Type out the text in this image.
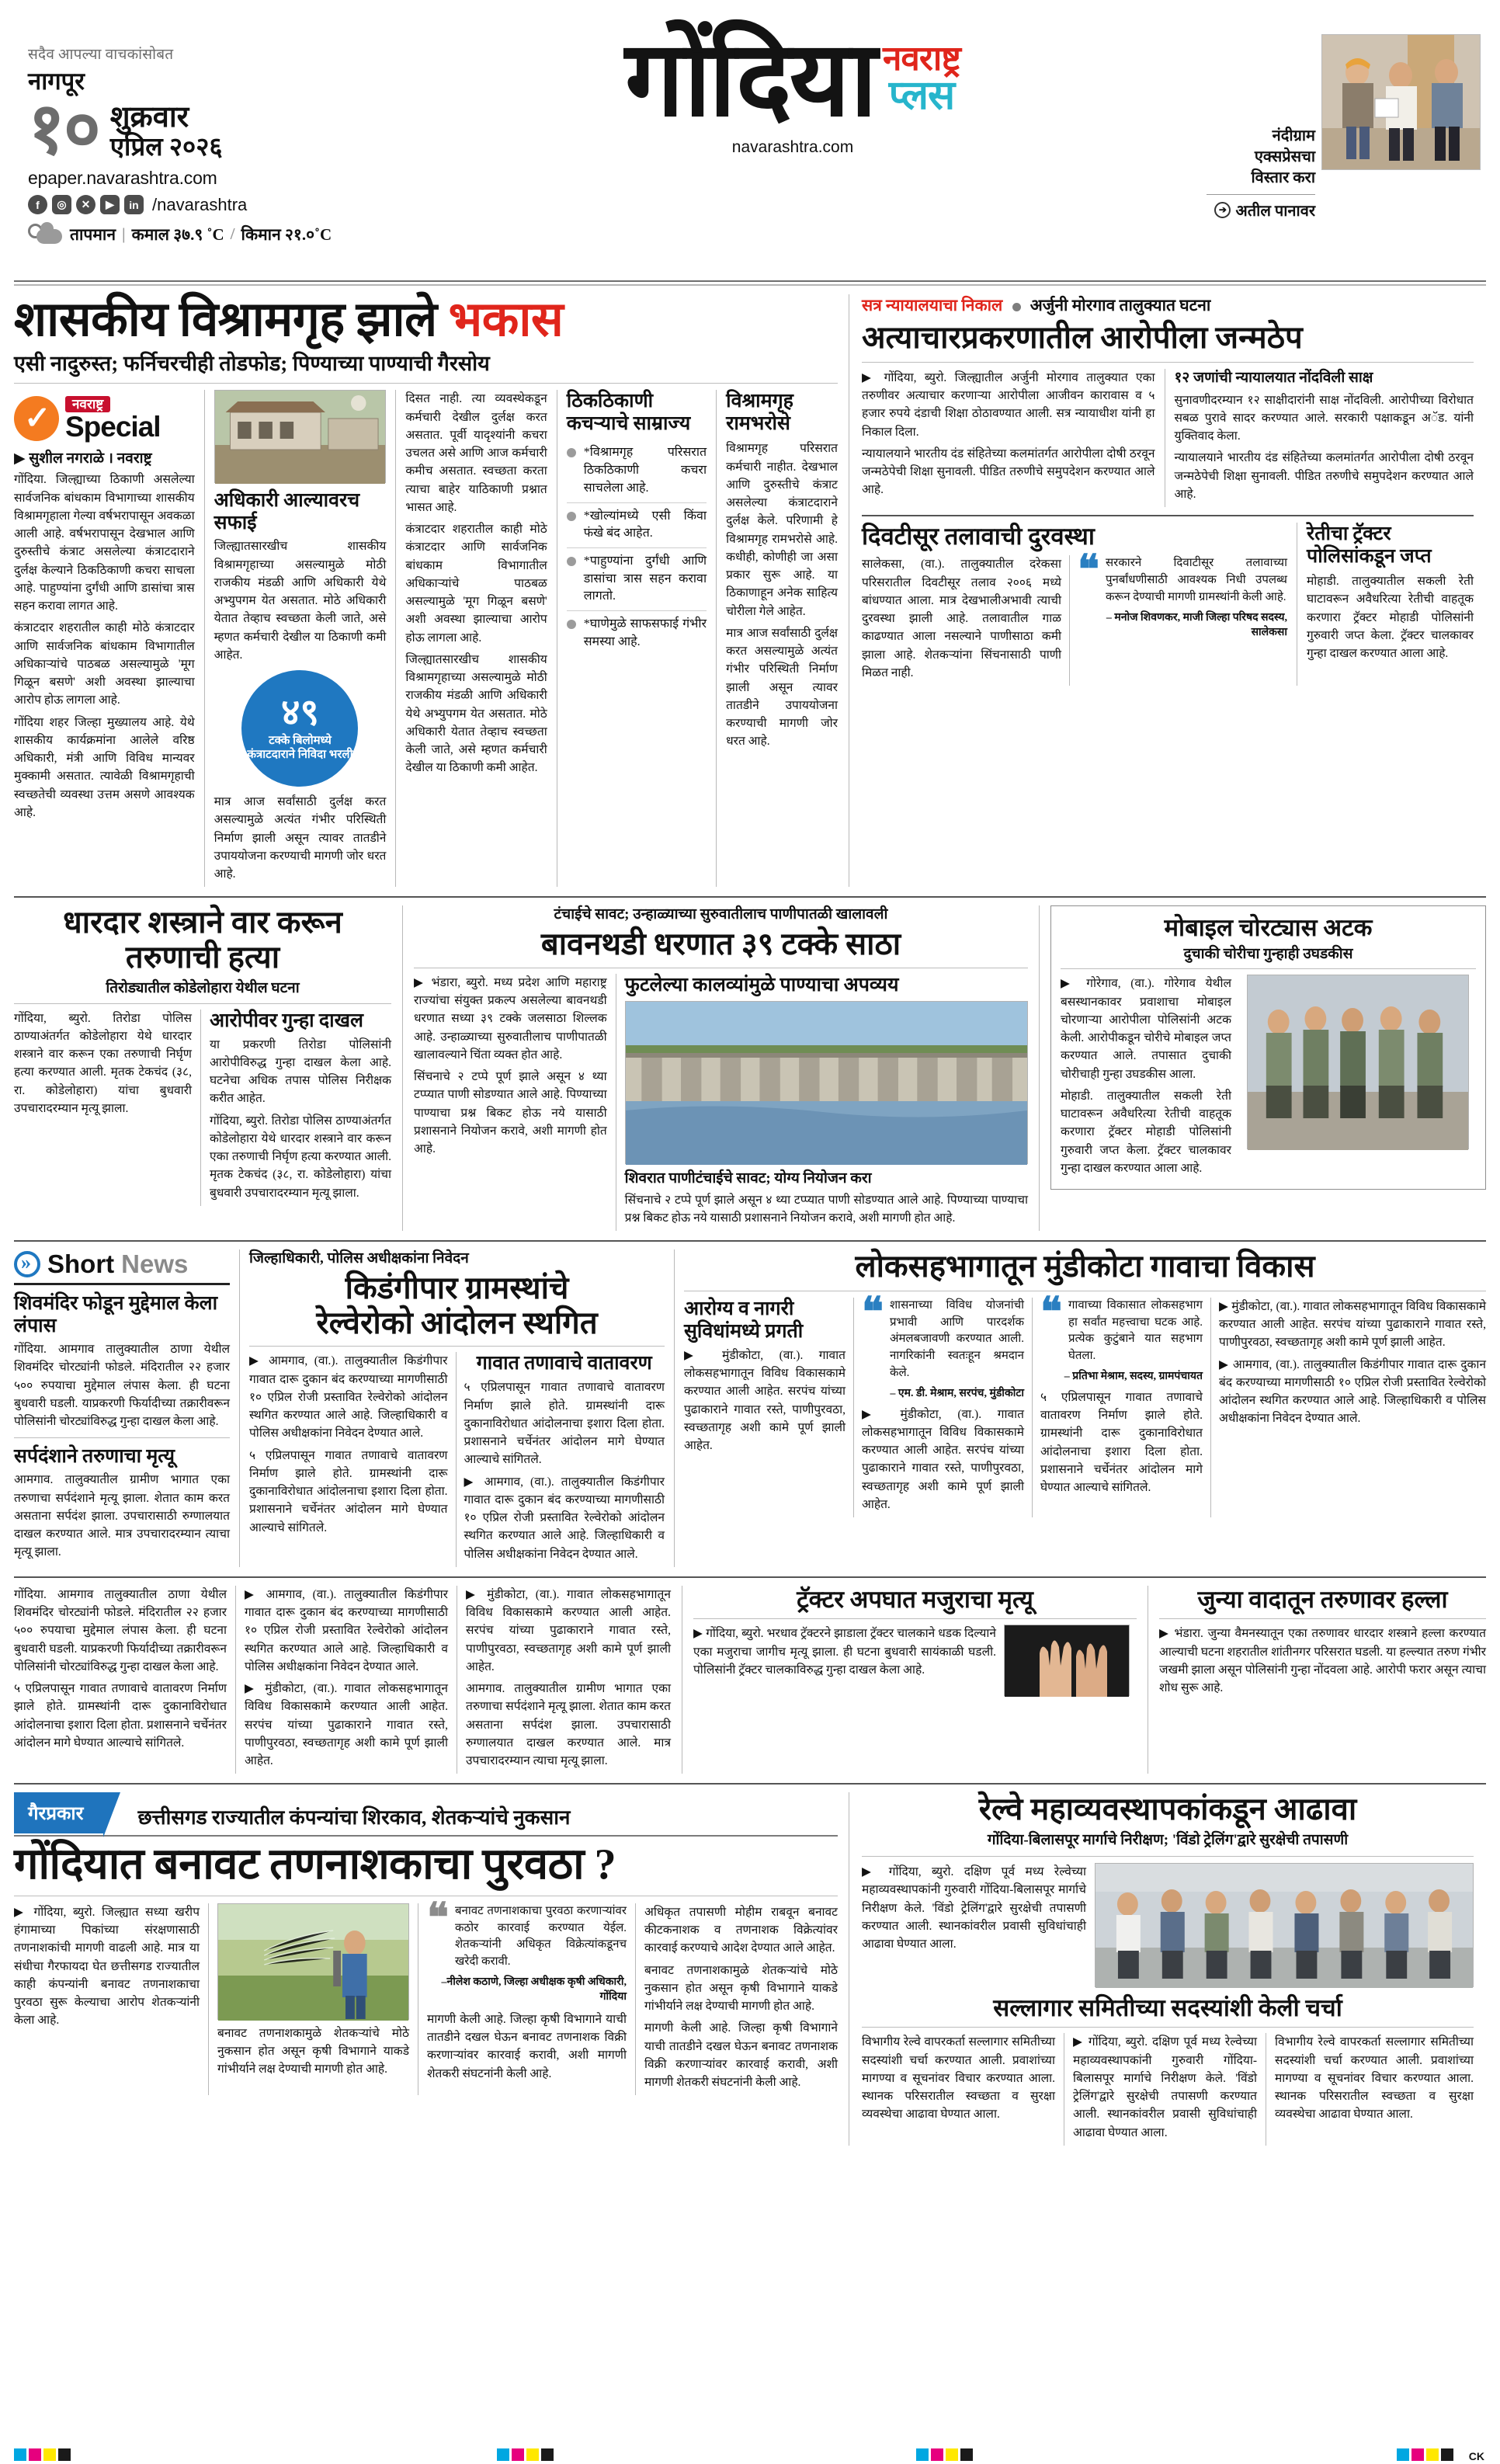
सदैव आपल्या वाचकांसोबत
नागपूर
१० शुक्रवार
एप्रिल २०२६
epaper.navarashtra.com
f	◎	✕	▶	in /navarashtra
तापमान | कमाल ३७.९ ˚C / किमान २१.०˚C
गोंदिया नवराष्ट्र
प्लस
navarashtra.com
नंदीग्राम
एक्सप्रेसचा
विस्तार करा
➔ अतील पानावर
शासकीय विश्रामगृह झाले भकास
एसी नादुरुस्त; फर्निचरचीही तोडफोड; पिण्याच्या पाण्याची गैरसोय
✓
नवराष्ट्र
Special
▶ सुशील नगराळे । नवराष्ट्र

गोंदिया. जिल्ह्याच्या ठिकाणी असलेल्या सार्वजनिक बांधकाम विभागाच्या शासकीय विश्रामगृहाला गेल्या वर्षभरापासून अवकळा आली आहे. वर्षभरापासून देखभाल आणि दुरुस्तीचे कंत्राट असलेल्या कंत्राटदाराने दुर्लक्ष केल्याने ठिकठिकाणी कचरा साचला आहे. पाहुण्यांना दुर्गंधी आणि डासांचा त्रास सहन करावा लागत आहे.

कंत्राटदार शहरातील काही मोठे कंत्राटदार आणि सार्वजनिक बांधकाम विभागातील अधिकाऱ्यांचे पाठबळ असल्यामुळे 'मूग गिळून बसणे' अशी अवस्था झाल्याचा आरोप होऊ लागला आहे.

गोंदिया शहर जिल्हा मुख्यालय आहे. येथे शासकीय कार्यक्रमांना आलेले वरिष्ठ अधिकारी, मंत्री आणि विविध मान्यवर मुक्कामी असतात. त्यावेळी विश्रामगृहाची स्वच्छतेची व्यवस्था उत्तम असणे आवश्यक आहे.

अधिकारी आल्यावरच सफाई

जिल्ह्यातसारखीच शासकीय विश्रामगृहाच्या असल्यामुळे मोठी राजकीय मंडळी आणि अधिकारी येथे अभ्युपगम येत असतात. मोठे अधिकारी येतात तेव्हाच स्वच्छता केली जाते, असे म्हणत कर्मचारी देखील या ठिकाणी कमी आहेत.

४९
टक्के बिलोमध्ये कंत्राटदाराने निविदा भरली

मात्र आज सर्वांसाठी दुर्लक्ष करत असल्यामुळे अत्यंत गंभीर परिस्थिती निर्माण झाली असून त्यावर तातडीने उपाययोजना करण्याची मागणी जोर धरत आहे.

दिसत नाही. त्या व्यवस्थेकडून कर्मचारी देखील दुर्लक्ष करत असतात. पूर्वी यादृश्यांनी कचरा उचलत असे आणि आज कर्मचारी कमीच असतात. स्वच्छता करता त्याचा बाहेर याठिकाणी प्रश्नात भासत आहे.

कंत्राटदार शहरातील काही मोठे कंत्राटदार आणि सार्वजनिक बांधकाम विभागातील अधिकाऱ्यांचे पाठबळ असल्यामुळे 'मूग गिळून बसणे' अशी अवस्था झाल्याचा आरोप होऊ लागला आहे.

जिल्ह्यातसारखीच शासकीय विश्रामगृहाच्या असल्यामुळे मोठी राजकीय मंडळी आणि अधिकारी येथे अभ्युपगम येत असतात. मोठे अधिकारी येतात तेव्हाच स्वच्छता केली जाते, असे म्हणत कर्मचारी देखील या ठिकाणी कमी आहेत.

ठिकठिकाणी कचऱ्याचे साम्राज्य
*विश्रामगृह परिसरात ठिकठिकाणी कचरा साचलेला आहे.
*खोल्यांमध्ये एसी किंवा फंखे बंद आहेत.
*पाहुण्यांना दुर्गंधी आणि डासांचा त्रास सहन करावा लागतो.
*घाणेमुळे साफसफाई गंभीर समस्या आहे.
विश्रामगृह रामभरोसे

विश्रामगृह परिसरात कर्मचारी नाहीत. देखभाल आणि दुरुस्तीचे कंत्राट असलेल्या कंत्राटदाराने दुर्लक्ष केले. परिणामी हे विश्रामगृह रामभरोसे आहे. कधीही, कोणीही जा असा प्रकार सुरू आहे. या ठिकाणाहून अनेक साहित्य चोरीला गेले आहेत.

मात्र आज सर्वांसाठी दुर्लक्ष करत असल्यामुळे अत्यंत गंभीर परिस्थिती निर्माण झाली असून त्यावर तातडीने उपाययोजना करण्याची मागणी जोर धरत आहे.

सत्र न्यायालयाचा निकाल अर्जुनी मोरगाव तालुक्यात घटना
अत्याचारप्रकरणातील आरोपीला जन्मठेप

▶ गोंदिया, ब्युरो. जिल्ह्यातील अर्जुनी मोरगाव तालुक्यात एका तरुणीवर अत्याचार करणाऱ्या आरोपीला आजीवन कारावास व ५ हजार रुपये दंडाची शिक्षा ठोठावण्यात आली. सत्र न्यायाधीश यांनी हा निकाल दिला.

न्यायालयाने भारतीय दंड संहितेच्या कलमांतर्गत आरोपीला दोषी ठरवून जन्मठेपेची शिक्षा सुनावली. पीडित तरुणीचे समुपदेशन करण्यात आले आहे.

१२ जणांची न्यायालयात नोंदविली साक्ष

सुनावणीदरम्यान १२ साक्षीदारांनी साक्ष नोंदविली. आरोपीच्या विरोधात सबळ पुरावे सादर करण्यात आले. सरकारी पक्षाकडून अॅड. यांनी युक्तिवाद केला.

न्यायालयाने भारतीय दंड संहितेच्या कलमांतर्गत आरोपीला दोषी ठरवून जन्मठेपेची शिक्षा सुनावली. पीडित तरुणीचे समुपदेशन करण्यात आले आहे.

दिवटीसूर तलावाची दुरवस्था

सालेकसा, (वा.). तालुक्यातील दरेकसा परिसरातील दिवटीसूर तलाव २००६ मध्ये बांधण्यात आला. मात्र देखभालीअभावी त्याची दुरवस्था झाली आहे. तलावातील गाळ काढण्यात आला नसल्याने पाणीसाठा कमी झाला आहे. शेतकऱ्यांना सिंचनासाठी पाणी मिळत नाही.

❝ सरकारने दिवाटीसूर तलावाच्या पुनर्बांधणीसाठी आवश्यक निधी उपलब्ध करून देण्याची मागणी ग्रामस्थांनी केली आहे.
– मनोज शिवणकर, माजी जिल्हा परिषद सदस्य, सालेकसा
रेतीचा ट्रॅक्टर
पोलिसांकडून जप्त

मोहाडी. तालुक्यातील सकली रेती घाटावरून अवैधरित्या रेतीची वाहतूक करणारा ट्रॅक्टर मोहाडी पोलिसांनी गुरुवारी जप्त केला. ट्रॅक्टर चालकावर गुन्हा दाखल करण्यात आला आहे.

धारदार शस्त्राने वार करून तरुणाची हत्या
तिरोड्यातील कोडेलोहारा येथील घटना

गोंदिया, ब्युरो. तिरोडा पोलिस ठाण्याअंतर्गत कोडेलोहारा येथे धारदार शस्त्राने वार करून एका तरुणाची निर्घृण हत्या करण्यात आली. मृतक टेकचंद (३८, रा. कोडेलोहारा) यांचा बुधवारी उपचारादरम्यान मृत्यू झाला.

आरोपीवर गुन्हा दाखल

या प्रकरणी तिरोडा पोलिसांनी आरोपीविरुद्ध गुन्हा दाखल केला आहे. घटनेचा अधिक तपास पोलिस निरीक्षक करीत आहेत.

गोंदिया, ब्युरो. तिरोडा पोलिस ठाण्याअंतर्गत कोडेलोहारा येथे धारदार शस्त्राने वार करून एका तरुणाची निर्घृण हत्या करण्यात आली. मृतक टेकचंद (३८, रा. कोडेलोहारा) यांचा बुधवारी उपचारादरम्यान मृत्यू झाला.

टंचाईचे सावट; उन्हाळ्याच्या सुरुवातीलाच पाणीपातळी खालावली
बावनथडी धरणात ३९ टक्के साठा

▶ भंडारा, ब्युरो. मध्य प्रदेश आणि महाराष्ट्र राज्यांचा संयुक्त प्रकल्प असलेल्या बावनथडी धरणात सध्या ३९ टक्के जलसाठा शिल्लक आहे. उन्हाळ्याच्या सुरुवातीलाच पाणीपातळी खालावल्याने चिंता व्यक्त होत आहे.

सिंचनाचे २ टप्पे पूर्ण झाले असून ४ थ्या टप्प्यात पाणी सोडण्यात आले आहे. पिण्याच्या पाण्याचा प्रश्न बिकट होऊ नये यासाठी प्रशासनाने नियोजन करावे, अशी मागणी होत आहे.

फुटलेल्या कालव्यांमुळे पाण्याचा अपव्यय
शिवरात पाणीटंचाईचे सावट; योग्य नियोजन करा

सिंचनाचे २ टप्पे पूर्ण झाले असून ४ थ्या टप्प्यात पाणी सोडण्यात आले आहे. पिण्याच्या पाण्याचा प्रश्न बिकट होऊ नये यासाठी प्रशासनाने नियोजन करावे, अशी मागणी होत आहे.

मोबाइल चोरट्यास अटक
दुचाकी चोरीचा गुन्हाही उघडकीस

▶ गोरेगाव, (वा.). गोरेगाव येथील बसस्थानकावर प्रवाशाचा मोबाइल चोरणाऱ्या आरोपीला पोलिसांनी अटक केली. आरोपीकडून चोरीचे मोबाइल जप्त करण्यात आले. तपासात दुचाकी चोरीचाही गुन्हा उघडकीस आला.

मोहाडी. तालुक्यातील सकली रेती घाटावरून अवैधरित्या रेतीची वाहतूक करणारा ट्रॅक्टर मोहाडी पोलिसांनी गुरुवारी जप्त केला. ट्रॅक्टर चालकावर गुन्हा दाखल करण्यात आला आहे.

»
Short News
शिवमंदिर फोडून मुद्देमाल केला लंपास

गोंदिया. आमगाव तालुक्यातील ठाणा येथील शिवमंदिर चोरट्यांनी फोडले. मंदिरातील २२ हजार ५०० रुपयाचा मुद्देमाल लंपास केला. ही घटना बुधवारी घडली. याप्रकरणी फिर्यादीच्या तक्रारीवरून पोलिसांनी चोरट्यांविरुद्ध गुन्हा दाखल केला आहे.

सर्पदंशाने तरुणाचा मृत्यू

आमगाव. तालुक्यातील ग्रामीण भागात एका तरुणाचा सर्पदंशाने मृत्यू झाला. शेतात काम करत असताना सर्पदंश झाला. उपचारासाठी रुग्णालयात दाखल करण्यात आले. मात्र उपचारादरम्यान त्याचा मृत्यू झाला.

जिल्हाधिकारी, पोलिस अधीक्षकांना निवेदन
किडंगीपार ग्रामस्थांचे
रेल्वेरोको आंदोलन स्थगित

▶ आमगाव, (वा.). तालुक्यातील किडंगीपार गावात दारू दुकान बंद करण्याच्या मागणीसाठी १० एप्रिल रोजी प्रस्तावित रेल्वेरोको आंदोलन स्थगित करण्यात आले आहे. जिल्हाधिकारी व पोलिस अधीक्षकांना निवेदन देण्यात आले.

५ एप्रिलपासून गावात तणावाचे वातावरण निर्माण झाले होते. ग्रामस्थांनी दारू दुकानाविरोधात आंदोलनाचा इशारा दिला होता. प्रशासनाने चर्चेनंतर आंदोलन मागे घेण्यात आल्याचे सांगितले.

गावात तणावाचे वातावरण

५ एप्रिलपासून गावात तणावाचे वातावरण निर्माण झाले होते. ग्रामस्थांनी दारू दुकानाविरोधात आंदोलनाचा इशारा दिला होता. प्रशासनाने चर्चेनंतर आंदोलन मागे घेण्यात आल्याचे सांगितले.

▶ आमगाव, (वा.). तालुक्यातील किडंगीपार गावात दारू दुकान बंद करण्याच्या मागणीसाठी १० एप्रिल रोजी प्रस्तावित रेल्वेरोको आंदोलन स्थगित करण्यात आले आहे. जिल्हाधिकारी व पोलिस अधीक्षकांना निवेदन देण्यात आले.

लोकसहभागातून मुंडीकोटा गावाचा विकास
आरोग्य व नागरी सुविधांमध्ये प्रगती

▶ मुंडीकोटा, (वा.). गावात लोकसहभागातून विविध विकासकामे करण्यात आली आहेत. सरपंच यांच्या पुढाकाराने गावात रस्ते, पाणीपुरवठा, स्वच्छतागृह अशी कामे पूर्ण झाली आहेत.

❝ शासनाच्या विविध योजनांची प्रभावी आणि पारदर्शक अंमलबजावणी करण्यात आली. नागरिकांनी स्वतःहून श्रमदान केले.
– एम. डी. मेश्राम, सरपंच, मुंडीकोटा

▶ मुंडीकोटा, (वा.). गावात लोकसहभागातून विविध विकासकामे करण्यात आली आहेत. सरपंच यांच्या पुढाकाराने गावात रस्ते, पाणीपुरवठा, स्वच्छतागृह अशी कामे पूर्ण झाली आहेत.

❝ गावाच्या विकासात लोकसहभाग हा सर्वांत महत्त्वाचा घटक आहे. प्रत्येक कुटुंबाने यात सहभाग घेतला.
– प्रतिभा मेश्राम, सदस्य, ग्रामपंचायत

५ एप्रिलपासून गावात तणावाचे वातावरण निर्माण झाले होते. ग्रामस्थांनी दारू दुकानाविरोधात आंदोलनाचा इशारा दिला होता. प्रशासनाने चर्चेनंतर आंदोलन मागे घेण्यात आल्याचे सांगितले.

▶ मुंडीकोटा, (वा.). गावात लोकसहभागातून विविध विकासकामे करण्यात आली आहेत. सरपंच यांच्या पुढाकाराने गावात रस्ते, पाणीपुरवठा, स्वच्छतागृह अशी कामे पूर्ण झाली आहेत.

▶ आमगाव, (वा.). तालुक्यातील किडंगीपार गावात दारू दुकान बंद करण्याच्या मागणीसाठी १० एप्रिल रोजी प्रस्तावित रेल्वेरोको आंदोलन स्थगित करण्यात आले आहे. जिल्हाधिकारी व पोलिस अधीक्षकांना निवेदन देण्यात आले.

गोंदिया. आमगाव तालुक्यातील ठाणा येथील शिवमंदिर चोरट्यांनी फोडले. मंदिरातील २२ हजार ५०० रुपयाचा मुद्देमाल लंपास केला. ही घटना बुधवारी घडली. याप्रकरणी फिर्यादीच्या तक्रारीवरून पोलिसांनी चोरट्यांविरुद्ध गुन्हा दाखल केला आहे.

५ एप्रिलपासून गावात तणावाचे वातावरण निर्माण झाले होते. ग्रामस्थांनी दारू दुकानाविरोधात आंदोलनाचा इशारा दिला होता. प्रशासनाने चर्चेनंतर आंदोलन मागे घेण्यात आल्याचे सांगितले.

▶ आमगाव, (वा.). तालुक्यातील किडंगीपार गावात दारू दुकान बंद करण्याच्या मागणीसाठी १० एप्रिल रोजी प्रस्तावित रेल्वेरोको आंदोलन स्थगित करण्यात आले आहे. जिल्हाधिकारी व पोलिस अधीक्षकांना निवेदन देण्यात आले.

▶ मुंडीकोटा, (वा.). गावात लोकसहभागातून विविध विकासकामे करण्यात आली आहेत. सरपंच यांच्या पुढाकाराने गावात रस्ते, पाणीपुरवठा, स्वच्छतागृह अशी कामे पूर्ण झाली आहेत.

▶ मुंडीकोटा, (वा.). गावात लोकसहभागातून विविध विकासकामे करण्यात आली आहेत. सरपंच यांच्या पुढाकाराने गावात रस्ते, पाणीपुरवठा, स्वच्छतागृह अशी कामे पूर्ण झाली आहेत.

आमगाव. तालुक्यातील ग्रामीण भागात एका तरुणाचा सर्पदंशाने मृत्यू झाला. शेतात काम करत असताना सर्पदंश झाला. उपचारासाठी रुग्णालयात दाखल करण्यात आले. मात्र उपचारादरम्यान त्याचा मृत्यू झाला.

ट्रॅक्टर अपघात मजुराचा मृत्यू

▶ गोंदिया, ब्युरो. भरधाव ट्रॅक्टरने झाडाला ट्रॅक्टर चालकाने धडक दिल्याने एका मजुराचा जागीच मृत्यू झाला. ही घटना बुधवारी सायंकाळी घडली. पोलिसांनी ट्रॅक्टर चालकाविरुद्ध गुन्हा दाखल केला आहे.

जुन्या वादातून तरुणावर हल्ला

▶ भंडारा. जुन्या वैमनस्यातून एका तरुणावर धारदार शस्त्राने हल्ला करण्यात आल्याची घटना शहरातील शांतीनगर परिसरात घडली. या हल्ल्यात तरुण गंभीर जखमी झाला असून पोलिसांनी गुन्हा नोंदवला आहे. आरोपी फरार असून त्याचा शोध सुरू आहे.

गैरप्रकार	छत्तीसगड राज्यातील कंपन्यांचा शिरकाव, शेतकऱ्यांचे नुकसान
गोंदियात बनावट तणनाशकाचा पुरवठा ?

▶ गोंदिया, ब्युरो. जिल्ह्यात सध्या खरीप हंगामाच्या पिकांच्या संरक्षणासाठी तणनाशकांची मागणी वाढली आहे. मात्र या संधीचा गैरफायदा घेत छत्तीसगड राज्यातील काही कंपन्यांनी बनावट तणनाशकाचा पुरवठा सुरू केल्याचा आरोप शेतकऱ्यांनी केला आहे.

बनावट तणनाशकामुळे शेतकऱ्यांचे मोठे नुकसान होत असून कृषी विभागाने याकडे गांभीर्याने लक्ष देण्याची मागणी होत आहे.

❝ बनावट तणनाशकाचा पुरवठा करणाऱ्यांवर कठोर कारवाई करण्यात येईल. शेतकऱ्यांनी अधिकृत विक्रेत्यांकडूनच खरेदी करावी.
–नीलेश कठाणे, जिल्हा अधीक्षक कृषी अधिकारी, गोंदिया

मागणी केली आहे. जिल्हा कृषी विभागाने याची तातडीने दखल घेऊन बनावट तणनाशक विक्री करणाऱ्यांवर कारवाई करावी, अशी मागणी शेतकरी संघटनांनी केली आहे.

अधिकृत तपासणी मोहीम राबवून बनावट कीटकनाशक व तणनाशक विक्रेत्यांवर कारवाई करण्याचे आदेश देण्यात आले आहेत.

बनावट तणनाशकामुळे शेतकऱ्यांचे मोठे नुकसान होत असून कृषी विभागाने याकडे गांभीर्याने लक्ष देण्याची मागणी होत आहे.

मागणी केली आहे. जिल्हा कृषी विभागाने याची तातडीने दखल घेऊन बनावट तणनाशक विक्री करणाऱ्यांवर कारवाई करावी, अशी मागणी शेतकरी संघटनांनी केली आहे.

रेल्वे महाव्यवस्थापकांकडून आढावा
गोंदिया-बिलासपूर मार्गाचे निरीक्षण; 'विंडो ट्रेलिंग'द्वारे सुरक्षेची तपासणी

▶ गोंदिया, ब्युरो. दक्षिण पूर्व मध्य रेल्वेच्या महाव्यवस्थापकांनी गुरुवारी गोंदिया-बिलासपूर मार्गाचे निरीक्षण केले. 'विंडो ट्रेलिंग'द्वारे सुरक्षेची तपासणी करण्यात आली. स्थानकांवरील प्रवासी सुविधांचाही आढावा घेण्यात आला.

सल्लागार समितीच्या सदस्यांशी केली चर्चा

विभागीय रेल्वे वापरकर्ता सल्लागार समितीच्या सदस्यांशी चर्चा करण्यात आली. प्रवाशांच्या मागण्या व सूचनांवर विचार करण्यात आला. स्थानक परिसरातील स्वच्छता व सुरक्षा व्यवस्थेचा आढावा घेण्यात आला.

▶ गोंदिया, ब्युरो. दक्षिण पूर्व मध्य रेल्वेच्या महाव्यवस्थापकांनी गुरुवारी गोंदिया-बिलासपूर मार्गाचे निरीक्षण केले. 'विंडो ट्रेलिंग'द्वारे सुरक्षेची तपासणी करण्यात आली. स्थानकांवरील प्रवासी सुविधांचाही आढावा घेण्यात आला.

विभागीय रेल्वे वापरकर्ता सल्लागार समितीच्या सदस्यांशी चर्चा करण्यात आली. प्रवाशांच्या मागण्या व सूचनांवर विचार करण्यात आला. स्थानक परिसरातील स्वच्छता व सुरक्षा व्यवस्थेचा आढावा घेण्यात आला.

CK
